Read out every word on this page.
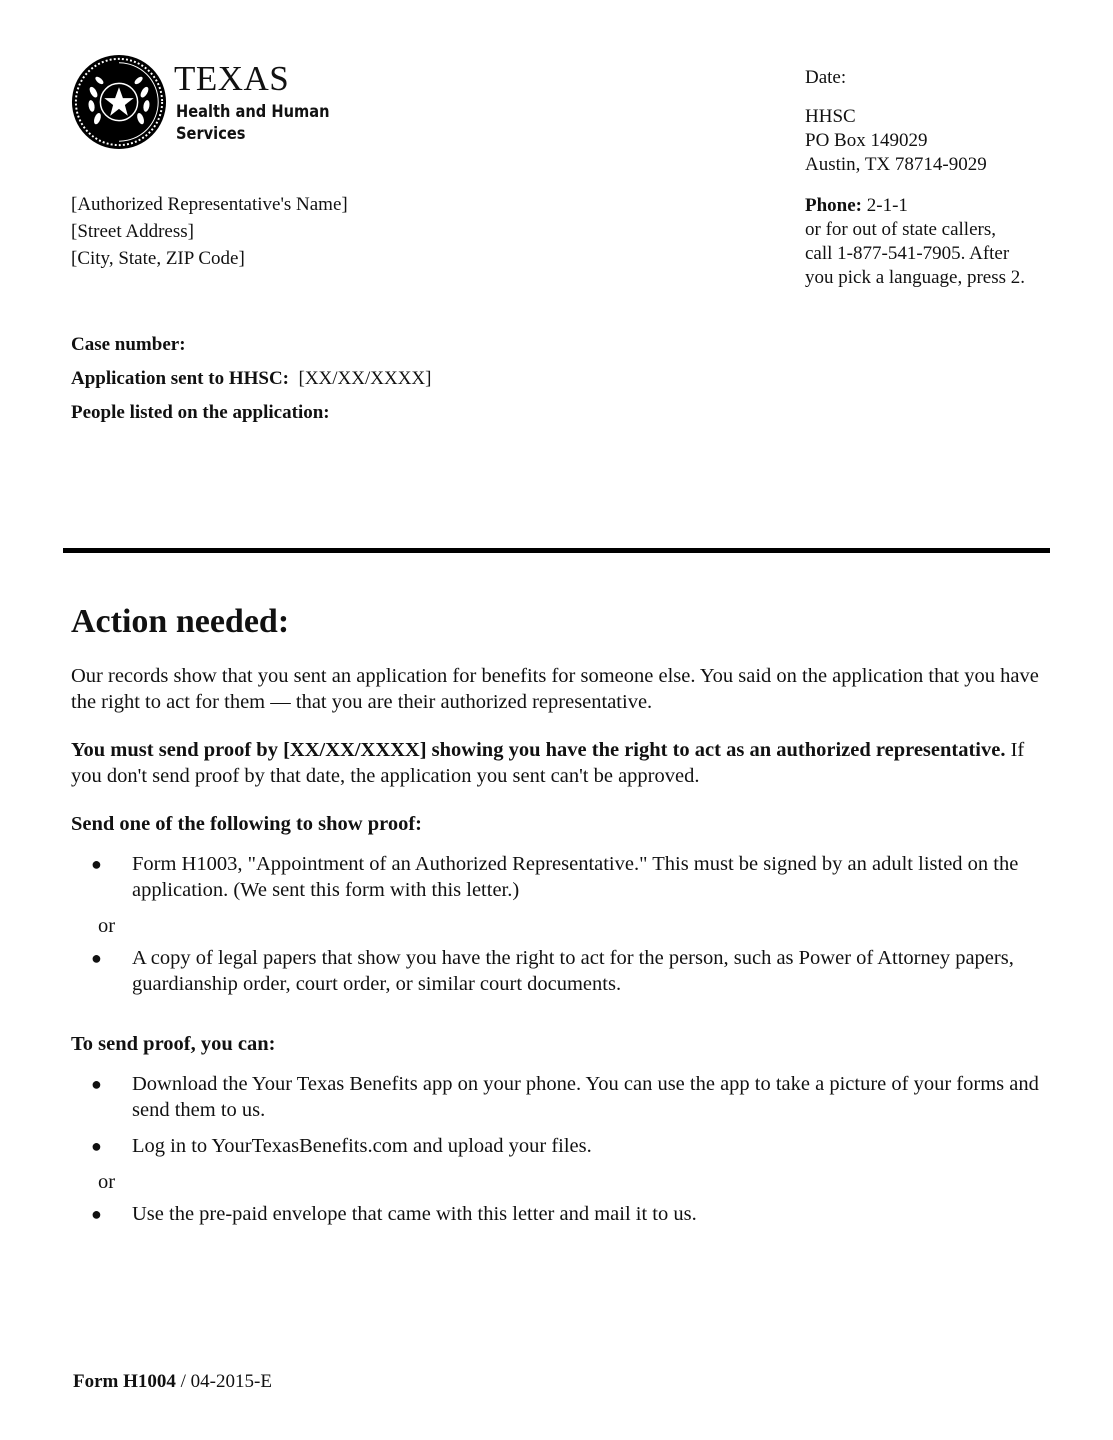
TEXAS
Health and Human
Services

Date:

HHSC

PO Box 149029

Austin, TX 78714-9029

Phone: 2-1-1

or for out of state callers,

call 1-877-541-7905. After

you pick a language, press 2.

[Authorized Representative's Name]
[Street Address]
[City, State, ZIP Code]
Case number:
Application sent to HHSC: [XX/XX/XXXX]
People listed on the application:
Action needed:

Our records show that you sent an application for benefits for someone else. You said on the application that you have the right to act for them — that you are their authorized representative.

You must send proof by [XX/XX/XXXX] showing you have the right to act as an authorized representative. If you don't send proof by that date, the application you sent can't be approved.

Send one of the following to show proof:

● Form H1003, "Appointment of an Authorized Representative." This must be signed by an adult listed on the application. (We sent this form with this letter.)
or
● A copy of legal papers that show you have the right to act for the person, such as Power of Attorney papers, guardianship order, court order, or similar court documents.

To send proof, you can:

● Download the Your Texas Benefits app on your phone. You can use the app to take a picture of your forms and send them to us.
● Log in to YourTexasBenefits.com and upload your files.
or
● Use the pre-paid envelope that came with this letter and mail it to us.
Form H1004 / 04-2015-E
